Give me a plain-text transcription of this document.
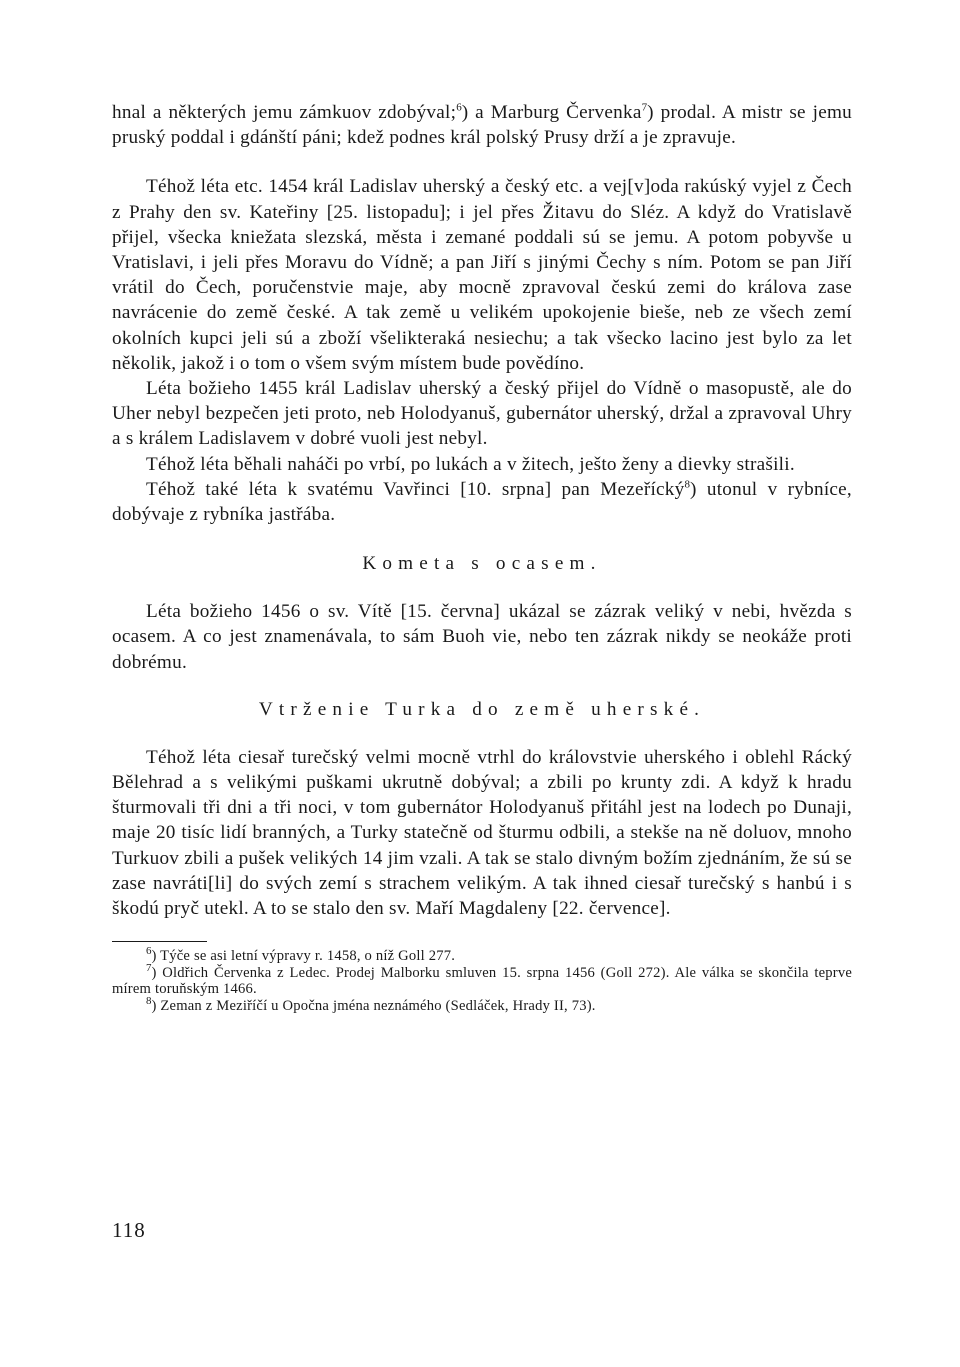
hnal a některých jemu zámkuov zdobýval;$^6$) a Marburg Červenka$^7$) prodal. A mistr se jemu pruský poddal i gdánští páni; kdež podnes král polský Prusy drží a je zpravuje.

Téhož léta etc. 1454 král Ladislav uherský a český etc. a vej[v]oda rakúský vyjel z Čech z Prahy den sv. Kateřiny [25. listopadu]; i jel přes Žitavu do Sléz. A když do Vratislavě přijel, všecka kniežata slezská, města i zemané poddali sú se jemu. A potom pobyvše u Vratislavi, i jeli přes Moravu do Vídně; a pan Jiří s jinými Čechy s ním. Potom se pan Jiří vrátil do Čech, poručenstvie maje, aby mocně zpravoval českú zemi do králova zase navrácenie do země české. A tak země u velikém upokojenie bieše, neb ze všech zemí okolních kupci jeli sú a zboží všelikteraká nesiechu; a tak všecko lacino jest bylo za let několik, jakož i o tom o všem svým místem bude povědíno.

Léta božieho 1455 král Ladislav uherský a český přijel do Vídně o masopustě, ale do Uher nebyl bezpečen jeti proto, neb Holodyanuš, gubernátor uherský, držal a zpravoval Uhry a s králem Ladislavem v dobré vuoli jest nebyl.

Téhož léta běhali naháči po vrbí, po lukách a v žitech, ješto ženy a dievky strašili.

Téhož také léta k svatému Vavřinci [10. srpna] pan Mezeřícký$^8$) utonul v rybníce, dobývaje z rybníka jastřába.

Kometa s ocasem.

Léta božieho 1456 o sv. Vítě [15. června] ukázal se zázrak veliký v nebi, hvězda s ocasem. A co jest znamenávala, to sám Buoh vie, nebo ten zázrak nikdy se neokáže proti dobrému.

Vtrženie Turka do země uherské.

Téhož léta ciesař turečský velmi mocně vtrhl do královstvie uherského i oblehl Rácký Bělehrad a s velikými puškami ukrutně dobýval; a zbili po krunty zdi. A když k hradu šturmovali tři dni a tři noci, v tom gubernátor Holodyanuš přitáhl jest na lodech po Dunaji, maje 20 tisíc lidí branných, a Turky statečně od šturmu odbili, a stekše na ně doluov, mnoho Turkuov zbili a pušek velikých 14 jim vzali. A tak se stalo divným božím zjednáním, že sú se zase navráti[li] do svých zemí s strachem velikým. A tak ihned ciesař turečský s hanbú i s škodú pryč utekl. A to se stalo den sv. Maří Magdaleny [22. července].

$^6$) Týče se asi letní výpravy r. 1458, o níž Goll 277.

$^7$) Oldřich Červenka z Ledec. Prodej Malborku smluven 15. srpna 1456 (Goll 272). Ale válka se skončila teprve mírem toruňským 1466.

$^8$) Zeman z Meziříčí u Opočna jména neznámého (Sedláček, Hrady II, 73).

118
